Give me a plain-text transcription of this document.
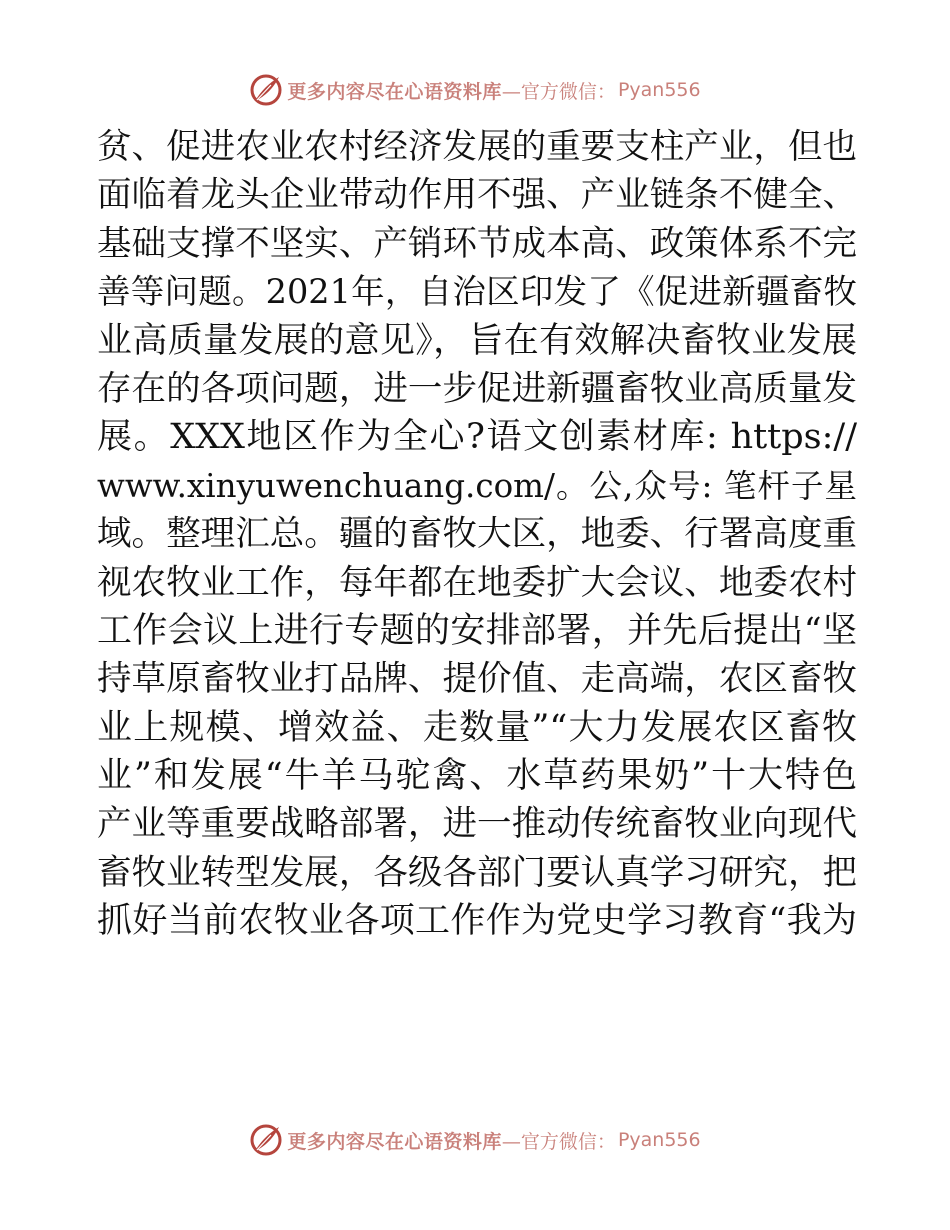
更多内容尽在心语资料库 —官方微信： Pyan556
贫、促进农业农村经济发展的重要支柱产业，但也
面临着龙头企业带动作用不强、产业链条不健全、
基础支撑不坚实、产销环节成本高、政策体系不完
善等问题。2021年，自治区印发了《促进新疆畜牧
业高质量发展的意见》，旨在有效解决畜牧业发展
存在的各项问题，进一步促进新疆畜牧业高质量发
展。XXX地区作为全心?语文创素材库: https://
www.xinyuwenchuang.com/。公,众号: 笔杆子星
域。整理汇总。疆的畜牧大区，地委、行署高度重
视农牧业工作，每年都在地委扩大会议、地委农村
工作会议上进行专题的安排部署，并先后提出“坚
持草原畜牧业打品牌、提价值、走高端，农区畜牧
业上规模、增效益、走数量”“大力发展农区畜牧
业”和发展“牛羊马驼禽、水草药果奶”十大特色
产业等重要战略部署，进一推动传统畜牧业向现代
畜牧业转型发展，各级各部门要认真学习研究，把
抓好当前农牧业各项工作作为党史学习教育“我为
更多内容尽在心语资料库 —官方微信： Pyan556
